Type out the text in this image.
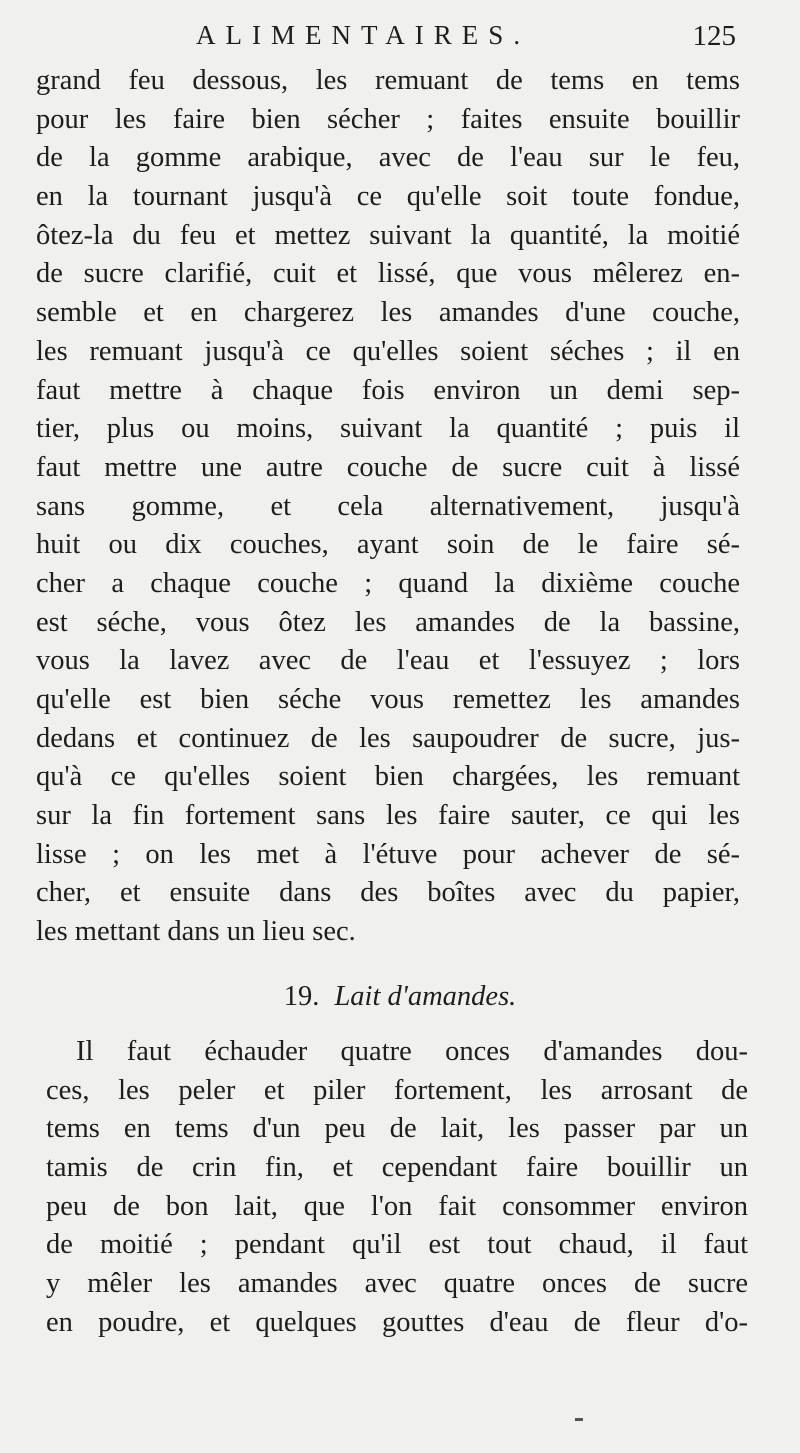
ALIMENTAIRES.	125
grand feu dessous, les remuant de tems en tems
pour les faire bien sécher ; faites ensuite bouillir
de la gomme arabique, avec de l'eau sur le feu,
en la tournant jusqu'à ce qu'elle soit toute fondue,
ôtez-la du feu et mettez suivant la quantité, la moitié
de sucre clarifié, cuit et lissé, que vous mêlerez en-
semble et en chargerez les amandes d'une couche,
les remuant jusqu'à ce qu'elles soient séches ; il en
faut mettre à chaque fois environ un demi sep-
tier, plus ou moins, suivant la quantité ; puis il
faut mettre une autre couche de sucre cuit à lissé
sans gomme, et cela alternativement, jusqu'à
huit ou dix couches, ayant soin de le faire sé-
cher a chaque couche ; quand la dixième couche
est séche, vous ôtez les amandes de la bassine,
vous la lavez avec de l'eau et l'essuyez ; lors
qu'elle est bien séche vous remettez les amandes
dedans et continuez de les saupoudrer de sucre, jus-
qu'à ce qu'elles soient bien chargées, les remuant
sur la fin fortement sans les faire sauter, ce qui les
lisse ; on les met à l'étuve pour achever de sé-
cher, et ensuite dans des boîtes avec du papier,
les mettant dans un lieu sec.
19. Lait d'amandes.
Il faut échauder quatre onces d'amandes dou-
ces, les peler et piler fortement, les arrosant de
tems en tems d'un peu de lait, les passer par un
tamis de crin fin, et cependant faire bouillir un
peu de bon lait, que l'on fait consommer environ
de moitié ; pendant qu'il est tout chaud, il faut
y mêler les amandes avec quatre onces de sucre
en poudre, et quelques gouttes d'eau de fleur d'o-
